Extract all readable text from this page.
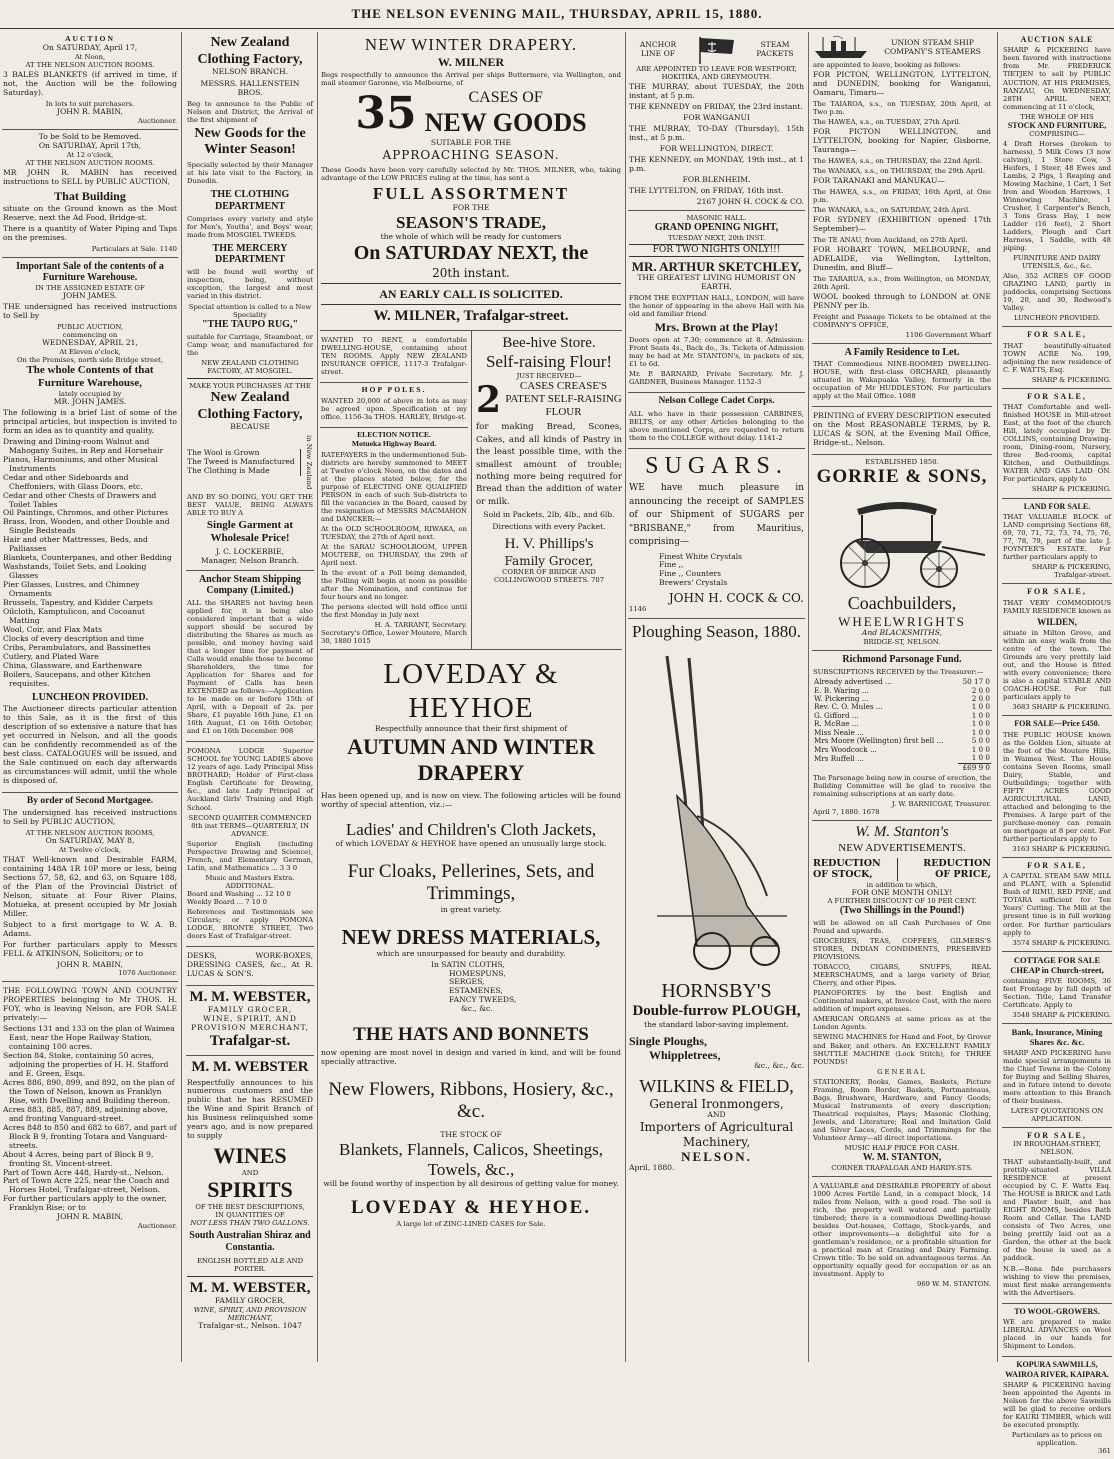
THE NELSON EVENING MAIL, THURSDAY, APRIL 15, 1880.
AUCTION
On SATURDAY, April 17,
At Noon,
AT THE NELSON AUCTION ROOMS.
3 BALES BLANKETS (if arrived in time, if not, the Auction will be the following Saturday).
In lots to suit purchasers.
JOHN R. MABIN,
Auctioneer.
To be Sold to be Removed.
On SATURDAY, April 17th,
At 12 o'clock,
AT THE NELSON AUCTION ROOMS.
MR JOHN R. MABIN has received instructions to SELL by PUBLIC AUCTION,
That Building
situate on the Ground known as the Most Reserve, next the Ad Food, Bridge-st.
There is a quantity of Water Piping and Taps on the premises.
Particulars at Sale. 1140
Important Sale of the contents of a Furniture Warehouse.
IN THE ASSIGNED ESTATE OF
JOHN JAMES.
THE undersigned has received instructions to Sell by
PUBLIC AUCTION,
commencing on
WEDNESDAY, APRIL 21,
At Eleven o'clock,
On the Premises, north side Bridge street,
The whole Contents of that
Furniture Warehouse,
lately occupied by
MR. JOHN JAMES.
The following is a brief List of some of the principal articles, but inspection is invited to form an idea as to quantity and quality.
Drawing and Dining-room Walnut and Mahogany Suites, in Rep and Horsehair
Pianos, Harmoniums, and other Musical Instruments
Cedar and other Sideboards and Cheffoniers, with Glass Doors, etc.
Cedar and other Chests of Drawers and Toilet Tables
Oil Paintings, Chromos, and other Pictures
Brass, Iron, Wooden, and other Double and Single Bedsteads
Hair and other Mattresses, Beds, and Palliasses
Blankets, Counterpanes, and other Bedding
Washstands, Toilet Sets, and Looking Glasses
Pier Glasses, Lustres, and Chimney Ornaments
Brussels, Tapestry, and Kidder Carpets
Oilcloth, Kamptulicon, and Cocoanut Matting
Wool, Coir, and Flax Mats
Clocks of every description and time
Cribs, Perambulators, and Bassinettes
Cutlery, and Plated Ware
China, Glassware, and Earthenware
Boilers, Saucepans, and other Kitchen requisites.
LUNCHEON PROVIDED.
The Auctioneer directs particular attention to this Sale, as it is the first of this description of so extensive a nature that has yet occurred in Nelson, and all the goods can be confidently recommended as of the best class. CATALOGUES will be issued, and the Sale continued on each day afterwards as circumstances will admit, until the whole is disposed of.
By order of Second Mortgagee.
The undersigned has received instructions to Sell by PUBLIC AUCTION,
AT THE NELSON AUCTION ROOMS,
On SATURDAY, MAY 8,
At Twelve o'clock,
THAT Well-known and Desirable FARM, containing 148A 1R 10P more or less, being Sections 57, 58, 62, and 63, on Square 188, of the Plan of the Provincial District of Nelson, situate at Four River Plains, Motueka, at present occupied by Mr Josiah Miller.
Subject to a first mortgage to W. A. B. Adams.
For further particulars apply to Messrs FELL & ATKINSON, Solicitors; or to
JOHN R. MABIN,
1076 Auctioneer.
THE FOLLOWING TOWN AND COUNTRY PROPERTIES belonging to Mr THOS. H. FOY, who is leaving Nelson, are FOR SALE privately:—
Sections 131 and 133 on the plan of Waimea East, near the Hope Railway Station, containing 100 acres.
Section 84, Stoke, containing 50 acres, adjoining the properties of H. H. Stafford and E. Green, Esqs.
Acres 886, 890, 899, and 892, on the plan of the Town of Nelson, known as Franklyn Rise, with Dwelling and Building thereon.
Acres 883, 885, 887, 889, adjoining above, and fronting Vanguard-street.
Acres 848 to 850 and 682 to 687, and part of Block B 9, fronting Totara and Vanguard-streets.
About 4 Acres, being part of Block B 9, fronting St. Vincent-street.
Part of Town Acre 448, Hardy-st., Nelson.
Part of Town Acre 225, near the Coach and Horses Hotel, Trafalgar-street, Nelson.
For further particulars apply to the owner, Franklyn Rise; or to
JOHN R. MABIN,
Auctioneer.
New Zealand Clothing Factory,
NELSON BRANCH.
MESSRS. HALLENSTEIN BROS.
Beg to announce to the Public of Nelson and District, the Arrival of the first shipment of
New Goods for the Winter Season!
Specially selected by their Manager at his late visit to the Factory, in Dunedin.
THE CLOTHING DEPARTMENT
Comprises every variety and style for Men's, Youths', and Boys' wear, made from MOSGIEL TWEEDS.
THE MERCERY DEPARTMENT
will be found well worthy of inspection, being, without exception, the largest and most varied in this district.
Special attention is called to a New Speciality
"THE TAUPO RUG,"
suitable for Carriage, Steamboat, or Camp wear, and manufactured for the
NEW ZEALAND CLOTHING FACTORY, AT MOSGIEL.
MAKE YOUR PURCHASES AT THE
New Zealand Clothing Factory,
BECAUSE
The Wool is Grown
The Tweed is Manufactured
The Clothing is Made	in New Zealand
AND BY SO DOING, YOU GET THE BEST VALUE, BEING ALWAYS ABLE TO BUY A
Single Garment at Wholesale Price!
J. C. LOCKERBIE,
Manager, Nelson Branch.
Anchor Steam Shipping Company (Limited.)
ALL the SHARES not having been applied for, it is being also considered important that a wide support should be secured by distributing the Shares as much as possible, and money having said that a longer time for payment of Calls would enable those to become Shareholders, the time for Application for Shares and for Payment of Calls has been EXTENDED as follows:—Application to be made on or before 15th of April, with a Deposit of 2s. per Share, £1 payable 16th June, £1 on 16th August, £1 on 16th October, and £1 on 16th December. 908
POMONA LODGE Superior SCHOOL for YOUNG LADIES above 12 years of age. Lady Principal Miss BROTHARD; Holder of First-class English Certificate for Drawing, &c., and late Lady Principal of Auckland Girls' Training and High School.
SECOND QUARTER COMMENCED 8th inst TERMS—QUARTERLY, IN ADVANCE.
Superior English (including Perspective Drawing and Science), French, and Elementary German, Latin, and Mathematics ... 3 3 0
Music and Masters Extra. ADDITIONAL.
Board and Washing ... 12 10 0
Weekly Board ... 7 10 0
References and Testimonials see Circulars; or apply POMONA LODGE, BRONTE STREET, Two doors East of Trafalgar-street.
DESKS, WORK-BOXES, DRESSING CASES, &c., At R. LUCAS & SON'S.
M. M. WEBSTER,
FAMILY GROCER,
WINE, SPIRIT, AND PROVISION MERCHANT,
Trafalgar-st.
M. M. WEBSTER
Respectfully announces to his numerous customers and the public that he has RESUMED the Wine and Spirit Branch of his Business relinquished some years ago, and is now prepared to supply
WINES
AND
SPIRITS
OF THE BEST DESCRIPTIONS,
IN QUANTITIES OF
NOT LESS THAN TWO GALLONS.
South Australian Shiraz and Constantia.
ENGLISH BOTTLED ALE AND PORTER.
M. M. WEBSTER,
FAMILY GROCER,
WINE, SPIRIT, AND PROVISION MERCHANT,
Trafalgar-st., Nelson. 1047
NEW WINTER DRAPERY.
W. MILNER
Begs respectfully to announce the Arrival per ships Buttermere, via Wellington, and mail steamer Garonne, via Melbourne, of
35	CASES OF
NEW GOODS
SUITABLE FOR THE
APPROACHING SEASON.
These Goods have been very carefully selected by Mr. THOS. MILNER, who, taking advantage of the LOW PRICES ruling at the time, has sent a
FULL ASSORTMENT
FOR THE
SEASON'S TRADE,
the whole of which will be ready for customers
On SATURDAY NEXT, the
20th instant.
AN EARLY CALL IS SOLICITED.
W. MILNER, Trafalgar-street.
WANTED TO RENT, a comfortable DWELLING-HOUSE, containing about TEN ROOMS. Apply NEW ZEALAND INSURANCE OFFICE, 1117-3 Trafalgar-street.
HOP POLES.
WANTED 20,000 of above in lots as may be agreed upon. Specification at my office. 1156-3a THOS. HARLEY, Bridge-st.
ELECTION NOTICE.
Motueka Highway Board.
RATEPAYERS in the undermentioned Sub-districts are hereby summoned to MEET at Twelve o'clock Noon, on the dates and at the places stated below, for the purpose of ELECTING ONE QUALIFIED PERSON in each of such Sub-districts to fill the vacancies in the Board, caused by the resignation of MESSRS MACMAHON and DANCKER:—
At the OLD SCHOOLROOM, RIWAKA, on TUESDAY, the 27th of April next.
At the SARAU SCHOOLROOM, UPPER MOUTERE, on THURSDAY, the 29th of April next.
In the event of a Poll being demanded, the Polling will begin at noon as possible after the Nomination, and continue for four hours and no longer.
The persons elected will hold office until the first Monday in July next
H. A. TARRANT, Secretary.
Secretary's Office, Lower Moutere, March 30, 1880 1015
Bee-hive Store.
Self-raising Flour!
JUST RECEIVED—
2	CASES CREASE'S PATENT SELF-RAISING FLOUR
for making Bread, Scones, Cakes, and all kinds of Pastry in the least possible time, with the smallest amount of trouble; nothing more being required for Bread than the addition of water or milk.
Sold in Packets, 2lb, 4lb., and 6lb.
Directions with every Packet.
H. V. Phillips's
Family Grocer,
CORNER OF BRIDGE AND COLLINGWOOD STREETS. 707
LOVEDAY & HEYHOE
Respectfully announce that their first shipment of
AUTUMN AND WINTER
DRAPERY
Has been opened up, and is now on view. The following articles will be found worthy of special attention, viz.:—
Ladies' and Children's Cloth Jackets,
of which LOVEDAY & HEYHOE have opened an unusually large stock.
Fur Cloaks, Pellerines, Sets, and Trimmings,
in great variety.
NEW DRESS MATERIALS,
which are unsurpassed for beauty and durability.
In SATIN CLOTHS,
HOMESPUNS,
SERGES,
ESTAMENES,
FANCY TWEEDS,
&c., &c.
THE HATS AND BONNETS
now opening are most novel in design and varied in kind, and will be found specially attractive.
New Flowers, Ribbons, Hosiery, &c., &c.
THE STOCK OF
Blankets, Flannels, Calicos, Sheetings, Towels, &c.,
will be found worthy of inspection by all desirous of getting value for money.
LOVEDAY & HEYHOE.
A large lot of ZINC-LINED CASES for Sale.
ANCHOR LINE OF
STEAM PACKETS
ARE APPOINTED TO LEAVE FOR WESTPORT, HOKITIKA, AND GREYMOUTH.
THE MURRAY, about TUESDAY, the 20th instant, at 5 p.m.
THE KENNEDY on FRIDAY, the 23rd instant.
FOR WANGANUI
THE MURRAY, TO-DAY (Thursday), 15th inst., at 5 p.m.
FOR WELLINGTON, DIRECT.
THE KENNEDY, on MONDAY, 19th inst., at 1 p.m.
FOR BLENHEIM.
THE LYTTELTON, on FRIDAY, 16th inst.
2167 JOHN H. COCK & CO.
MASONIC HALL.
GRAND OPENING NIGHT,
TUESDAY NEXT, 20th INST.
FOR TWO NIGHTS ONLY!!!
MR. ARTHUR SKETCHLEY,
THE GREATEST LIVING HUMORIST ON EARTH,
FROM THE EGYPTIAN HALL, LONDON, will have the honor of appearing in the above Hall with his old and familiar friend
Mrs. Brown at the Play!
Doors open at 7.30; commence at 8. Admission: Front Seats 4s., Back do., 3s. Tickets of Admission may be had at Mr. STANTON's, in packets of six, £1 to 6d.
Mr. P. BARNARD, Private Secretary. Mr. J. GARDNER, Business Manager. 1152-3
Nelson College Cadet Corps.
ALL who have in their possession CARBINES, BELTS, or any other Articles belonging to the above mentioned Corps, are requested to return them to the COLLEGE without delay. 1141-2
SUGARS.
WE have much pleasure in announcing the receipt of SAMPLES of our Shipment of SUGARS per "BRISBANE," from Mauritius, comprising—
Finest White Crystals
Fine ,,
Fine ,, Counters
Brewers' Crystals
JOHN H. COCK & CO.
1146
Ploughing Season, 1880.
HORNSBY'S
Double-furrow PLOUGH,
the standard labor-saving implement.
Single Ploughs,
Whippletrees,
&c., &c., &c.
WILKINS & FIELD,
General Ironmongers,
AND
Importers of Agricultural Machinery,
NELSON.
April, 1880.
UNION STEAM SHIP COMPANY'S STEAMERS
are appointed to leave, booking as follows:
FOR PICTON, WELLINGTON, LYTTELTON, and DUNEDIN, booking for Wanganui, Oamaru, Timaru—
The TAIAROA, s.s., on TUESDAY, 20th April, at Two p.m.
The HAWEA, s.s., on TUESDAY, 27th April.
FOR PICTON WELLINGTON, and LYTTELTON, booking for Napier, Gisborne, Tauranga—
The HAWEA, s.s., on THURSDAY, the 22nd April.
The WANAKA, s.s., on THURSDAY, the 29th April.
FOR TARANAKI and MANUKAU—
The HAWEA, s.s., on FRIDAY, 16th April, at One p.m.
The WANAKA, s.s., on SATURDAY, 24th April.
FOR SYDNEY (EXHIBITION opened 17th September)—
The TE ANAU, from Auckland, on 27th April.
FOR HOBART TOWN, MELBOURNE, and ADELAIDE, via Wellington, Lyttelton, Dunedin, and Bluff—
The TARARUA, s.s., from Wellington, on MONDAY, 26th April.
WOOL booked through to LONDON at ONE PENNY per lb.
Freight and Passage Tickets to be obtained at the COMPANY'S OFFICE,
1106 Government Wharf
A Family Residence to Let.
THAT Commodious NINE-ROOMED DWELLING-HOUSE, with first-class ORCHARD, pleasantly situated in Wakapuaka Valley, formerly in the occupation of Mr HUDDLESTON. For particulars apply at the Mail Office. 1088
PRINTING of EVERY DESCRIPTION executed on the Most REASONABLE TERMS, by R. LUCAS & SON, at the Evening Mail Office, Bridge-st., Nelson.
ESTABLISHED 1850.
GORRIE & SONS,
Coachbuilders,
WHEELWRIGHTS
And BLACKSMITHS,
BRIDGE-ST, NELSON.
Richmond Parsonage Fund.
SUBSCRIPTIONS RECEIVED by the Treasurer:—
Already advertised ...	50 17 0
E. B. Waring ...	2 0 0
W. Pickering ...	2 0 0
Rev. C. O. Mules ...	1 0 0
G. Gifford ...	1 0 0
R. McRae ...	1 0 0
Miss Neale ...	1 0 0
Mrs Moore (Wellington) first bell ...	5 0 0
Mrs Woodcock ...	1 0 0
Mrs Ruffell ...	1 0 0
	£69 9 0
The Parsonage being now in course of erection, the Building Committee will be glad to receive the remaining subscriptions at an early date.
J. W. BARNICOAT, Treasurer.
April 7, 1880. 1678
W. M. Stanton's
NEW ADVERTISEMENTS.
REDUCTION OF STOCK,
REDUCTION OF PRICE,
in addition to which,
FOR ONE MONTH ONLY!
A FURTHER DISCOUNT OF 10 PER CENT.
(Two Shillings in the Pound!)
will be allowed on all Cash Purchases of One Pound and upwards.
GROCERIES, TEAS, COFFEES, GILMERS'S STORES, INDIAN CONDIMENTS, PRESERVED PROVISIONS.
TOBACCO, CIGARS, SNUFFS, REAL MEERSCHAUMS, and a large variety of Briar, Cherry, and other Pipes.
PIANOFORTES by the best English and Continental makers, at Invoice Cost, with the mere addition of import expenses.
AMERICAN ORGANS at same prices as at the London Agents.
SEWING MACHINES for Hand and Foot, by Grover and Baker, and others. An EXCELLENT FAMILY SHUTTLE MACHINE (Lock Stitch), for THREE POUNDS!
GENERAL
STATIONERY, Books, Games, Baskets, Picture Framing, Room Border, Baskets, Portmanteaus, Bags, Brushware, Hardware, and Fancy Goods; Musical Instruments of every description; Theatrical requisites, Plays; Masonic Clothing, Jewels, and Literature; Real and Imitation Gold and Silver Laces, Cords, and Trimmings for the Volunteer Army—all direct importations.
MUSIC HALF PRICE FOR CASH.
W. M. STANTON,
CORNER TRAFALGAR AND HARDY-STS.
A VALUABLE and DESIRABLE PROPERTY of about 1000 Acres Fertile Land, in a compact block, 14 miles from Nelson, with a good road. The soil is rich, the property well watered and partially timbered; there is a commodious Dwelling-house besides Out-houses, Cottage, Stock-yards, and other improvements—a delightful site for a gentleman's residence, or a profitable situation for a practical man at Grazing and Dairy Farming. Crown title. To be sold on advantageous terms. An opportunity equally good for occupation or as an investment. Apply to
969 W. M. STANTON.
AUCTION SALE
SHARP & PICKERING have been favored with instructions from Mr. FREDERICK TIETJEN to sell by PUBLIC AUCTION, AT HIS PREMISES, RANZAU, On WEDNESDAY, 28TH APRIL NEXT, commencing at 11 o'clock,
THE WHOLE OF HIS
STOCK AND FURNITURE,
COMPRISING—
4 Draft Horses (broken to harness), 5 Milk Cows (3 now calving), 1 Store Cow, 3 Heifers, 1 Steer, 48 Ewes and Lambs, 2 Pigs, 1 Reaping and Mowing Machine, 1 Cart, 1 Set Iron and Wooden Harrows, 1 Winnowing Machine, 1 Crusher, 1 Carpenter's Bench, 3 Tons Grass Hay, 1 new Ladder (16 feet), 2 Short Ladders, Plough and Cart Harness, 1 Saddle, with 48 piping.
FURNITURE AND DAIRY UTENSILS, &c., &c.
Also, 352 ACRES OF GOOD GRAZING LAND, partly in paddocks, comprising Sections 19, 20, and 30, Redwood's Valley.
LUNCHEON PROVIDED.
FOR SALE,
THAT beautifully-situated TOWN ACRE No. 199, adjoining the new residence of C. F. WATTS, Esq.
SHARP & PICKERING.
FOR SALE,
THAT Comfortable and well-finished HOUSE in Mill-street East, at the foot of the church Hill, lately occupied by Dr. COLLINS, containing Drawing-room, Dining-room, Nursery, three Bed-rooms, capital Kitchen, and Outbuildings. WATER AND GAS LAID ON. For particulars, apply to
SHARP & PICKERING.
LAND FOR SALE.
THAT VALUABLE BLOCK of LAND comprising Sections 68, 69, 70, 71, 72, 73, 74, 75, 76, 77, 78, 79, part of the late J. POYNTER'S ESTATE. For further particulars apply to
SHARP & PICKERING, Trafalgar-street.
FOR SALE,
THAT VERY COMMODIOUS FAMILY RESIDENCE known as
WILDEN,
situate in Milton Grove, and within an easy walk from the centre of the town. The Grounds are very prettily laid out, and the House is fitted with every convenience; there is also a capital STABLE AND COACH-HOUSE. For full particulars apply to
3683 SHARP & PICKERING.
FOR SALE—Price £450.
THE PUBLIC HOUSE known as the Golden Lion, situate at the foot of the Moutere Hills, in Waimea West. The House contains Seven Rooms, small Dairy, Stable, and Outbuildings; together with FIFTY ACRES GOOD AGRICULTURAL LAND, attached and belonging to the Premises. A large part of the purchase-money can remain on mortgage at 8 per cent. For further particulars apply to
3163 SHARP & PICKERING.
FOR SALE,
A CAPITAL STEAM SAW MILL and PLANT, with a Splendid Bush of RIMU, RED PINE, and TOTARA sufficient for Ten Years' Cutting. The Mill at the present time is in full working order. For further particulars apply to
3574 SHARP & PICKERING.
COTTAGE FOR SALE CHEAP in Church-street,
containing FIVE ROOMS, 36 feet Frontage by full depth of Section. Title, Land Transfer Certificate. Apply to
3548 SHARP & PICKERING.
Bank, Insurance, Mining Shares &c. &c.
SHARP AND PICKERING have made special arrangements in the Chief Towns in the Colony for Buying and Selling Shares, and in future intend to devote more attention to this Branch of their business.
LATEST QUOTATIONS ON APPLICATION.
FOR SALE,
IN BROUGHAM-STREET, NELSON.
THAT substantially-built, and prettily-situated VILLA RESIDENCE at present occupied by C. F. Watts Esq. The HOUSE is BRICK and Lath and Plaster built, and has EIGHT ROOMS, besides Bath Room and Cellar. The LAND consists of Two Acres, one being prettily laid out as a Garden, the other at the back of the house is used as a paddock.
N.B.—Bona fide purchasers wishing to view the premises, must first make arrangements with the Advertisers.
TO WOOL-GROWERS.
WE are prepared to make LIBERAL ADVANCES on Wool placed in our hands for Shipment to London.
KOPURA SAWMILLS, WAIROA RIVER, KAIPARA.
SHARP & PICKERING having been appointed the Agents in Nelson for the above Sawmills will be glad to receive orders for KAURI TIMBER, which will be executed promptly.
Particulars as to prices on application.
361
